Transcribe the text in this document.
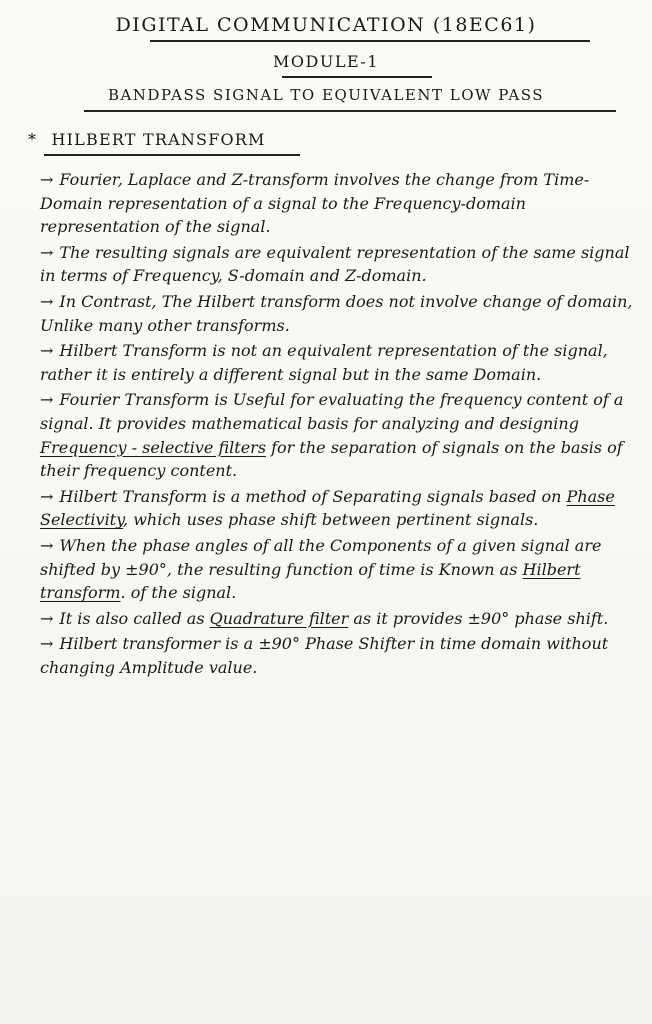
DIGITAL COMMUNICATION (18EC61)
MODULE-1
BANDPASS SIGNAL TO EQUIVALENT LOW PASS
* HILBERT TRANSFORM
→ Fourier, Laplace and Z-transform involves the change from Time-Domain representation of a signal to the Frequency-domain representation of the signal.
→ The resulting signals are equivalent representation of the same signal in terms of Frequency, S-domain and Z-domain.
→ In Contrast, The Hilbert transform does not involve change of domain, Unlike many other transforms.
→ Hilbert Transform is not an equivalent representation of the signal, rather it is entirely a different signal but in the same Domain.
→ Fourier Transform is Useful for evaluating the frequency content of a signal. It provides mathematical basis for analyzing and designing Frequency - selective filters for the separation of signals on the basis of their frequency content.
→ Hilbert Transform is a method of Separating signals based on Phase Selectivity, which uses phase shift between pertinent signals.
→ When the phase angles of all the Components of a given signal are shifted by ±90°, the resulting function of time is Known as Hilbert transform. of the signal.
→ It is also called as Quadrature filter as it provides ±90° phase shift.
→ Hilbert transformer is a ±90° Phase Shifter in time domain without changing Amplitude value.
